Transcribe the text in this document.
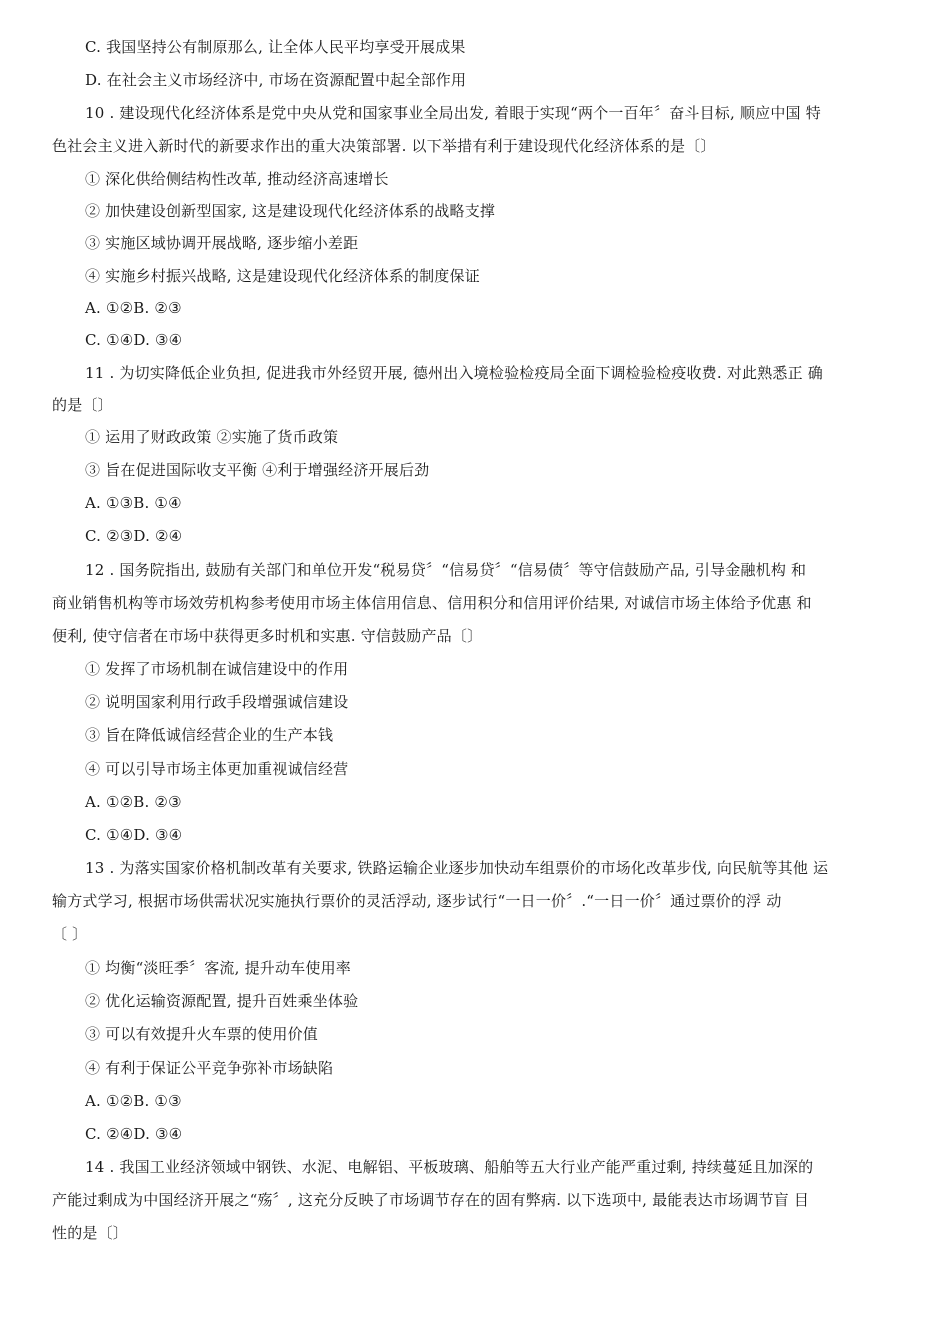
C. 我国坚持公有制原那么, 让全体人民平均享受开展成果
D. 在社会主义市场经济中, 市场在资源配置中起全部作用
10 . 建设现代化经济体系是党中央从党和国家事业全局出发, 着眼于实现“两个一百年〞奋斗目标, 顺应中国 特
色社会主义进入新时代的新要求作出的重大决策部署. 以下举措有利于建设现代化经济体系的是〔〕
① 深化供给侧结构性改革, 推动经济高速增长
② 加快建设创新型国家, 这是建设现代化经济体系的战略支撑
③ 实施区域协调开展战略, 逐步缩小差距
④ 实施乡村振兴战略, 这是建设现代化经济体系的制度保证
A. ①②B. ②③
C. ①④D. ③④
11 . 为切实降低企业负担, 促进我市外经贸开展, 德州出入境检验检疫局全面下调检验检疫收费. 对此熟悉正 确
的是〔〕
① 运用了财政政策 ②实施了货币政策
③ 旨在促进国际收支平衡 ④利于增强经济开展后劲
A. ①③B. ①④
C. ②③D. ②④
12 . 国务院指出, 鼓励有关部门和单位开发“税易贷〞“信易贷〞“信易债〞等守信鼓励产品, 引导金融机构 和
商业销售机构等市场效劳机构参考使用市场主体信用信息、信用积分和信用评价结果, 对诚信市场主体给予优惠 和
便利, 使守信者在市场中获得更多时机和实惠. 守信鼓励产品〔〕
① 发挥了市场机制在诚信建设中的作用
② 说明国家利用行政手段增强诚信建设
③ 旨在降低诚信经营企业的生产本钱
④ 可以引导市场主体更加重视诚信经营
A. ①②B. ②③
C. ①④D. ③④
13 . 为落实国家价格机制改革有关要求, 铁路运输企业逐步加快动车组票价的市场化改革步伐, 向民航等其他 运
输方式学习, 根据市场供需状况实施执行票价的灵活浮动, 逐步试行“一日一价〞.“一日一价〞通过票价的浮 动
〔 〕
① 均衡“淡旺季〞客流, 提升动车使用率
② 优化运输资源配置, 提升百姓乘坐体验
③ 可以有效提升火车票的使用价值
④ 有利于保证公平竞争弥补市场缺陷
A. ①②B. ①③
C. ②④D. ③④
14 . 我国工业经济领域中钢铁、水泥、电解铝、平板玻璃、船舶等五大行业产能严重过剩, 持续蔓延且加深的
产能过剩成为中国经济开展之“殇〞, 这充分反映了市场调节存在的固有弊病. 以下选项中, 最能表达市场调节盲 目
性的是〔〕
